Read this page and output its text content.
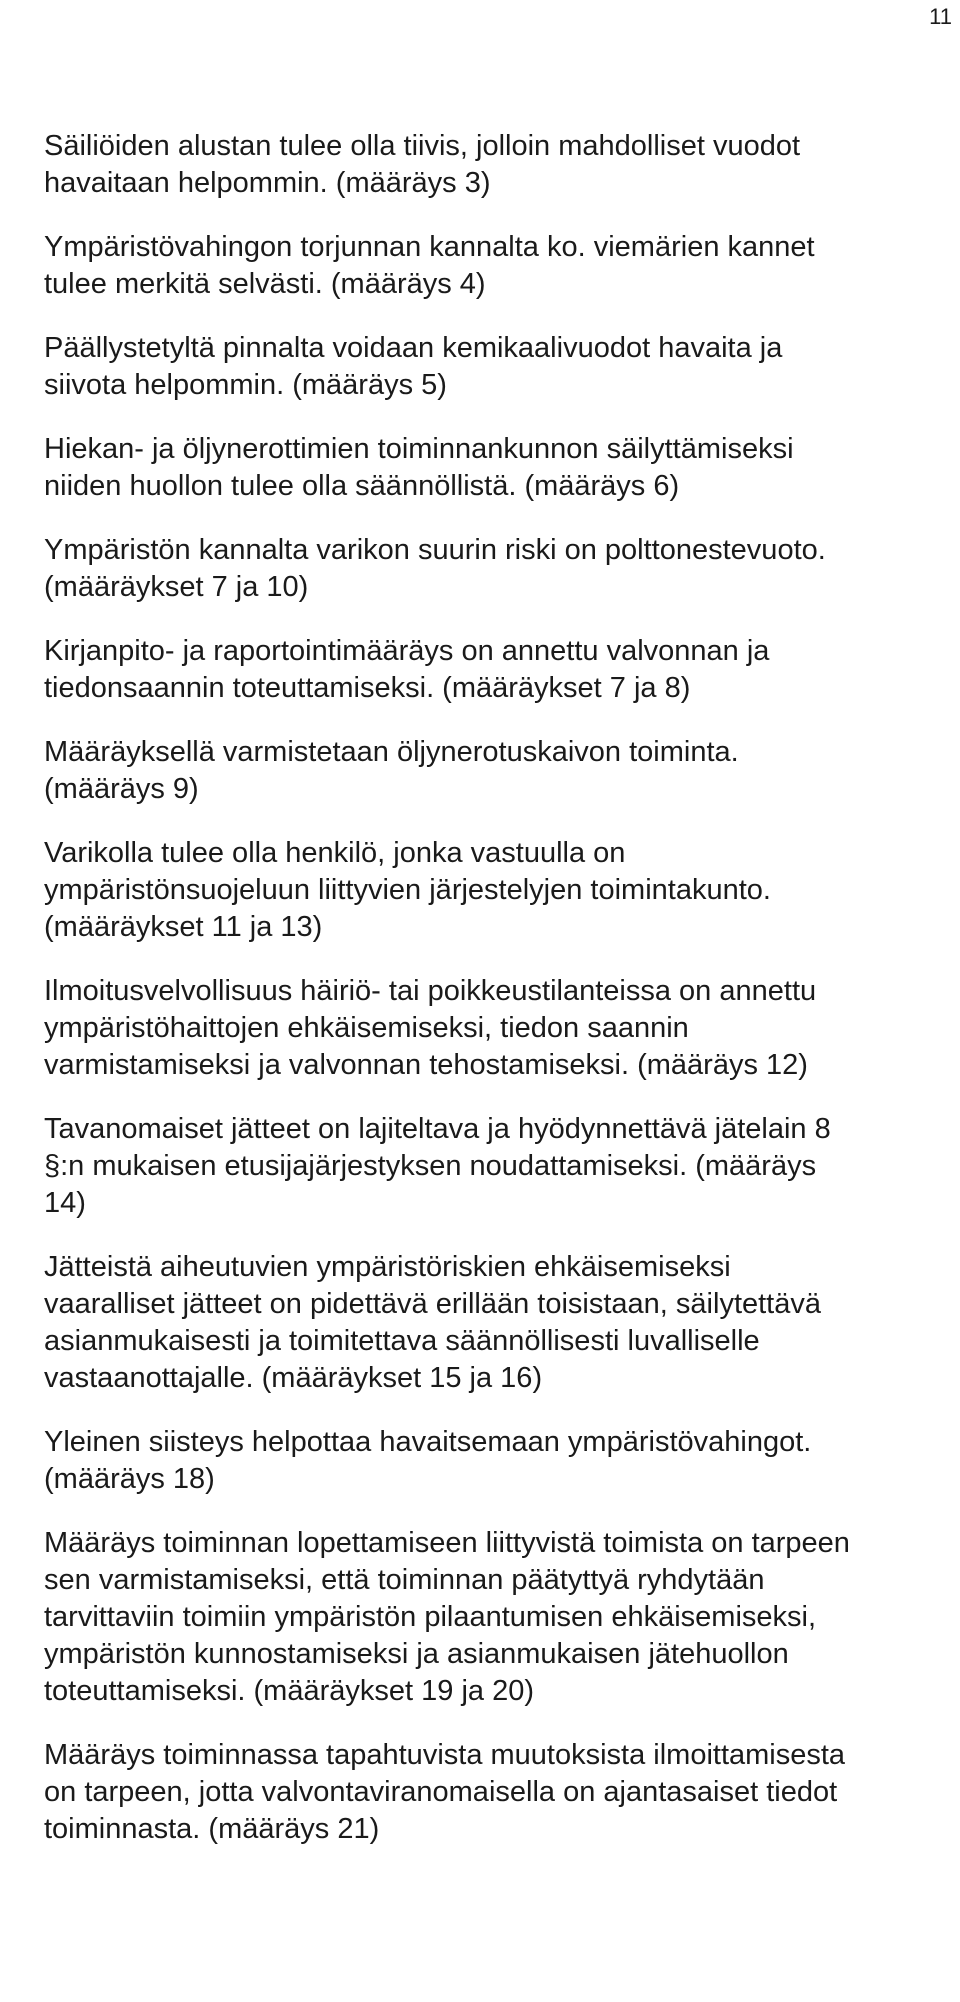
11

Säiliöiden alustan tulee olla tiivis, jolloin mahdolliset vuodot
havaitaan helpommin. (määräys 3)

Ympäristövahingon torjunnan kannalta ko. viemärien kannet
tulee merkitä selvästi. (määräys 4)

Päällystetyltä pinnalta voidaan kemikaalivuodot havaita ja
siivota helpommin. (määräys 5)

Hiekan- ja öljynerottimien toiminnankunnon säilyttämiseksi
niiden huollon tulee olla säännöllistä. (määräys 6)

Ympäristön kannalta varikon suurin riski on polttonestevuoto.
(määräykset 7 ja 10)

Kirjanpito- ja raportointimääräys on annettu valvonnan ja
tiedonsaannin toteuttamiseksi. (määräykset 7 ja 8)

Määräyksellä varmistetaan öljynerotuskaivon toiminta.
(määräys 9)

Varikolla tulee olla henkilö, jonka vastuulla on
ympäristönsuojeluun liittyvien järjestelyjen toimintakunto.
(määräykset 11 ja 13)

Ilmoitusvelvollisuus häiriö- tai poikkeustilanteissa on annettu
ympäristöhaittojen ehkäisemiseksi, tiedon saannin
varmistamiseksi ja valvonnan tehostamiseksi. (määräys 12)

Tavanomaiset jätteet on lajiteltava ja hyödynnettävä jätelain 8
§:n mukaisen etusijajärjestyksen noudattamiseksi. (määräys
14)

Jätteistä aiheutuvien ympäristöriskien ehkäisemiseksi
vaaralliset jätteet on pidettävä erillään toisistaan, säilytettävä
asianmukaisesti ja toimitettava säännöllisesti luvalliselle
vastaanottajalle. (määräykset 15 ja 16)

Yleinen siisteys helpottaa havaitsemaan ympäristövahingot.
(määräys 18)

Määräys toiminnan lopettamiseen liittyvistä toimista on tarpeen
sen varmistamiseksi, että toiminnan päätyttyä ryhdytään
tarvittaviin toimiin ympäristön pilaantumisen ehkäisemiseksi,
ympäristön kunnostamiseksi ja asianmukaisen jätehuollon
toteuttamiseksi. (määräykset 19 ja 20)

Määräys toiminnassa tapahtuvista muutoksista ilmoittamisesta
on tarpeen, jotta valvontaviranomaisella on ajantasaiset tiedot
toiminnasta. (määräys 21)
